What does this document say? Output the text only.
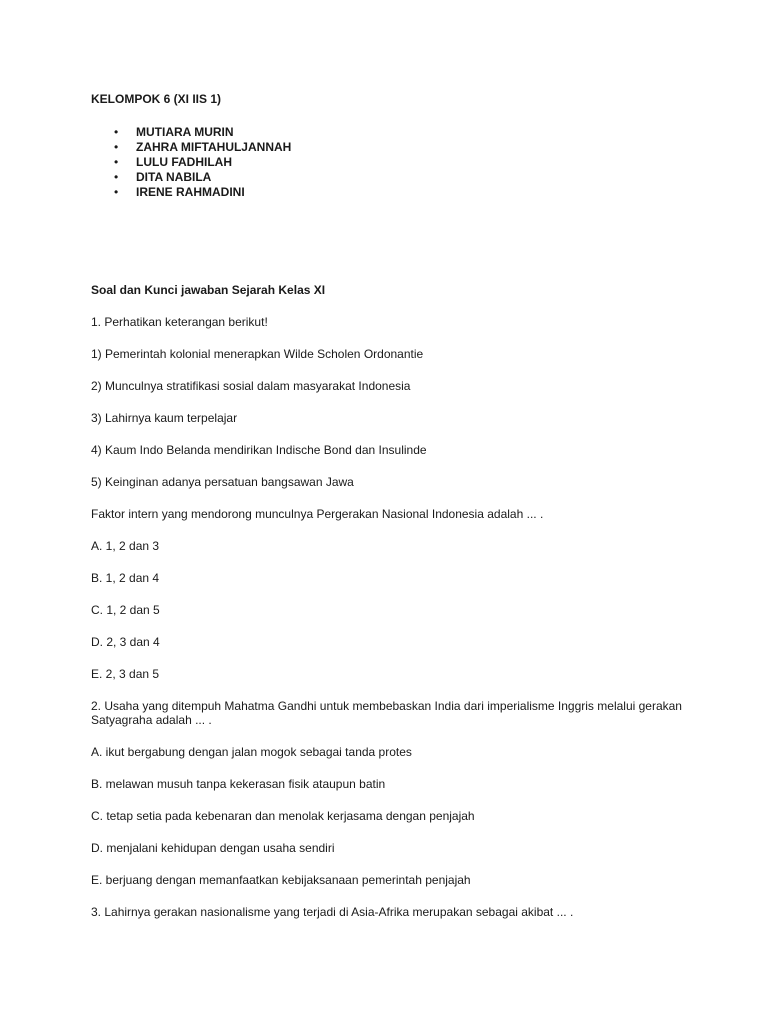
KELOMPOK 6 (XI IIS 1)

• MUTIARA MURIN
• ZAHRA MIFTAHULJANNAH
• LULU FADHILAH
• DITA NABILA
• IRENE RAHMADINI

Soal dan Kunci jawaban Sejarah Kelas XI

1. Perhatikan keterangan berikut!

1) Pemerintah kolonial menerapkan Wilde Scholen Ordonantie

2) Munculnya stratifikasi sosial dalam masyarakat Indonesia

3) Lahirnya kaum terpelajar

4) Kaum Indo Belanda mendirikan Indische Bond dan Insulinde

5) Keinginan adanya persatuan bangsawan Jawa

Faktor intern yang mendorong munculnya Pergerakan Nasional Indonesia adalah ... .

A. 1, 2 dan 3

B. 1, 2 dan 4

C. 1, 2 dan 5

D. 2, 3 dan 4

E. 2, 3 dan 5

2. Usaha yang ditempuh Mahatma Gandhi untuk membebaskan India dari imperialisme Inggris melalui gerakan

Satyagraha adalah ... .

A. ikut bergabung dengan jalan mogok sebagai tanda protes

B. melawan musuh tanpa kekerasan fisik ataupun batin

C. tetap setia pada kebenaran dan menolak kerjasama dengan penjajah

D. menjalani kehidupan dengan usaha sendiri

E. berjuang dengan memanfaatkan kebijaksanaan pemerintah penjajah

3. Lahirnya gerakan nasionalisme yang terjadi di Asia-Afrika merupakan sebagai akibat ... .
